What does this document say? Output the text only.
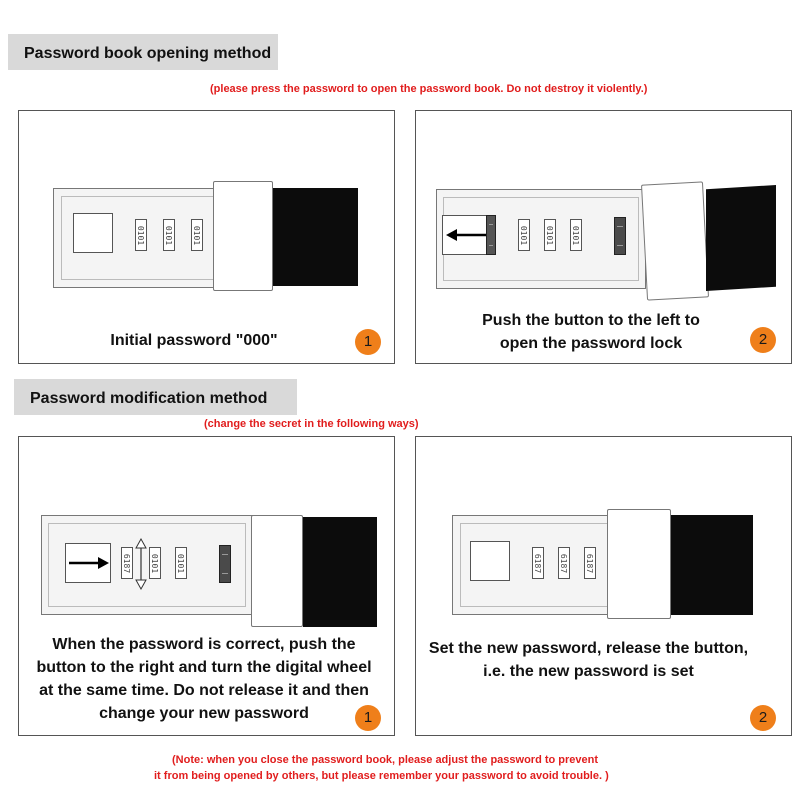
Password book opening method
(please press the password to open the password book. Do not destroy it violently.)
0101 0101 0101
Initial password "000"	1
0101 0101 0101
Push the button to the left to
open the password lock	2
Password modification method
(change the secret in the following ways)
6187 0101 0101
When the password is correct, push the
button to the right and turn the digital wheel
at the same time. Do not release it and then
change your new password	1
6187 6187 6187
Set the new password, release the button,
i.e. the new password is set
2
(Note: when you close the password book, please adjust the password to prevent
it from being opened by others, but please remember your password to avoid trouble. )
